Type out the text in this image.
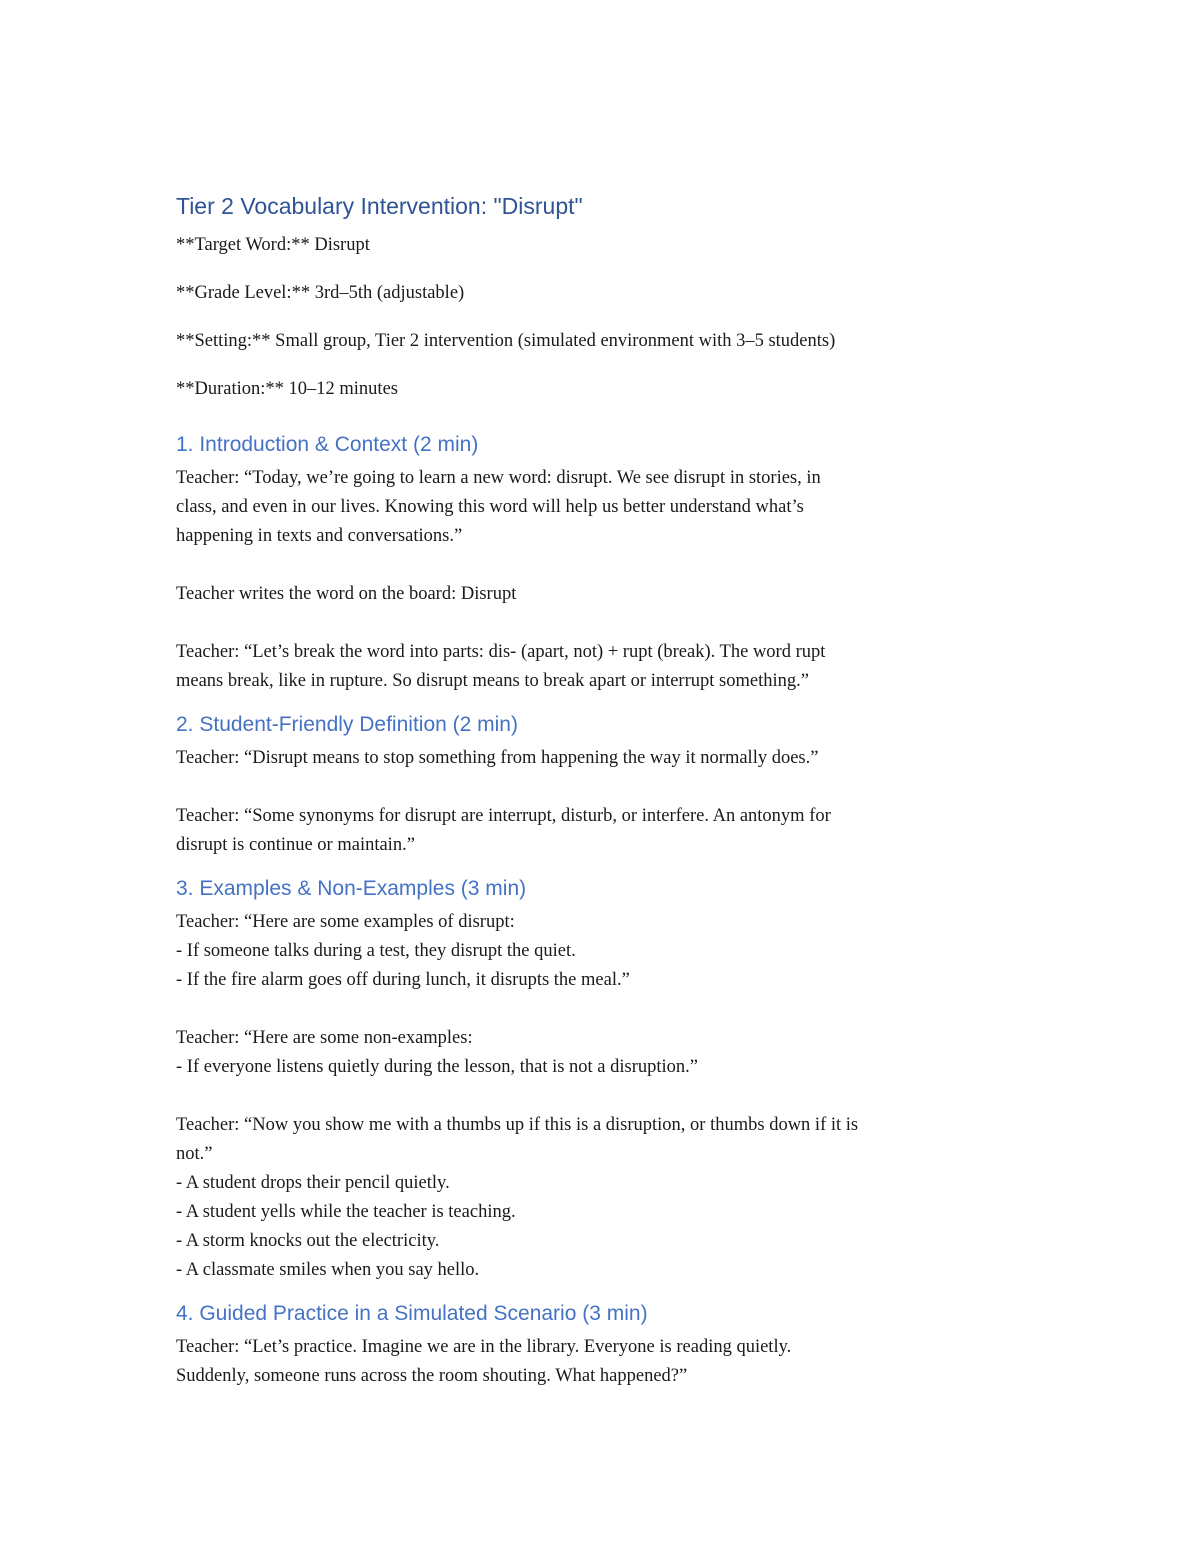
Tier 2 Vocabulary Intervention: "Disrupt"

**Target Word:** Disrupt

**Grade Level:** 3rd–5th (adjustable)

**Setting:** Small group, Tier 2 intervention (simulated environment with 3–5 students)

**Duration:** 10–12 minutes

1. Introduction & Context (2 min)
Teacher: “Today, we’re going to learn a new word: disrupt. We see disrupt in stories, in
class, and even in our lives. Knowing this word will help us better understand what’s
happening in texts and conversations.”
Teacher writes the word on the board: Disrupt
Teacher: “Let’s break the word into parts: dis- (apart, not) + rupt (break). The word rupt
means break, like in rupture. So disrupt means to break apart or interrupt something.”
2. Student-Friendly Definition (2 min)
Teacher: “Disrupt means to stop something from happening the way it normally does.”
Teacher: “Some synonyms for disrupt are interrupt, disturb, or interfere. An antonym for
disrupt is continue or maintain.”
3. Examples & Non-Examples (3 min)
Teacher: “Here are some examples of disrupt:
- If someone talks during a test, they disrupt the quiet.
- If the fire alarm goes off during lunch, it disrupts the meal.”
Teacher: “Here are some non-examples:
- If everyone listens quietly during the lesson, that is not a disruption.”
Teacher: “Now you show me with a thumbs up if this is a disruption, or thumbs down if it is
not.”
- A student drops their pencil quietly.
- A student yells while the teacher is teaching.
- A storm knocks out the electricity.
- A classmate smiles when you say hello.
4. Guided Practice in a Simulated Scenario (3 min)
Teacher: “Let’s practice. Imagine we are in the library. Everyone is reading quietly.
Suddenly, someone runs across the room shouting. What happened?”
